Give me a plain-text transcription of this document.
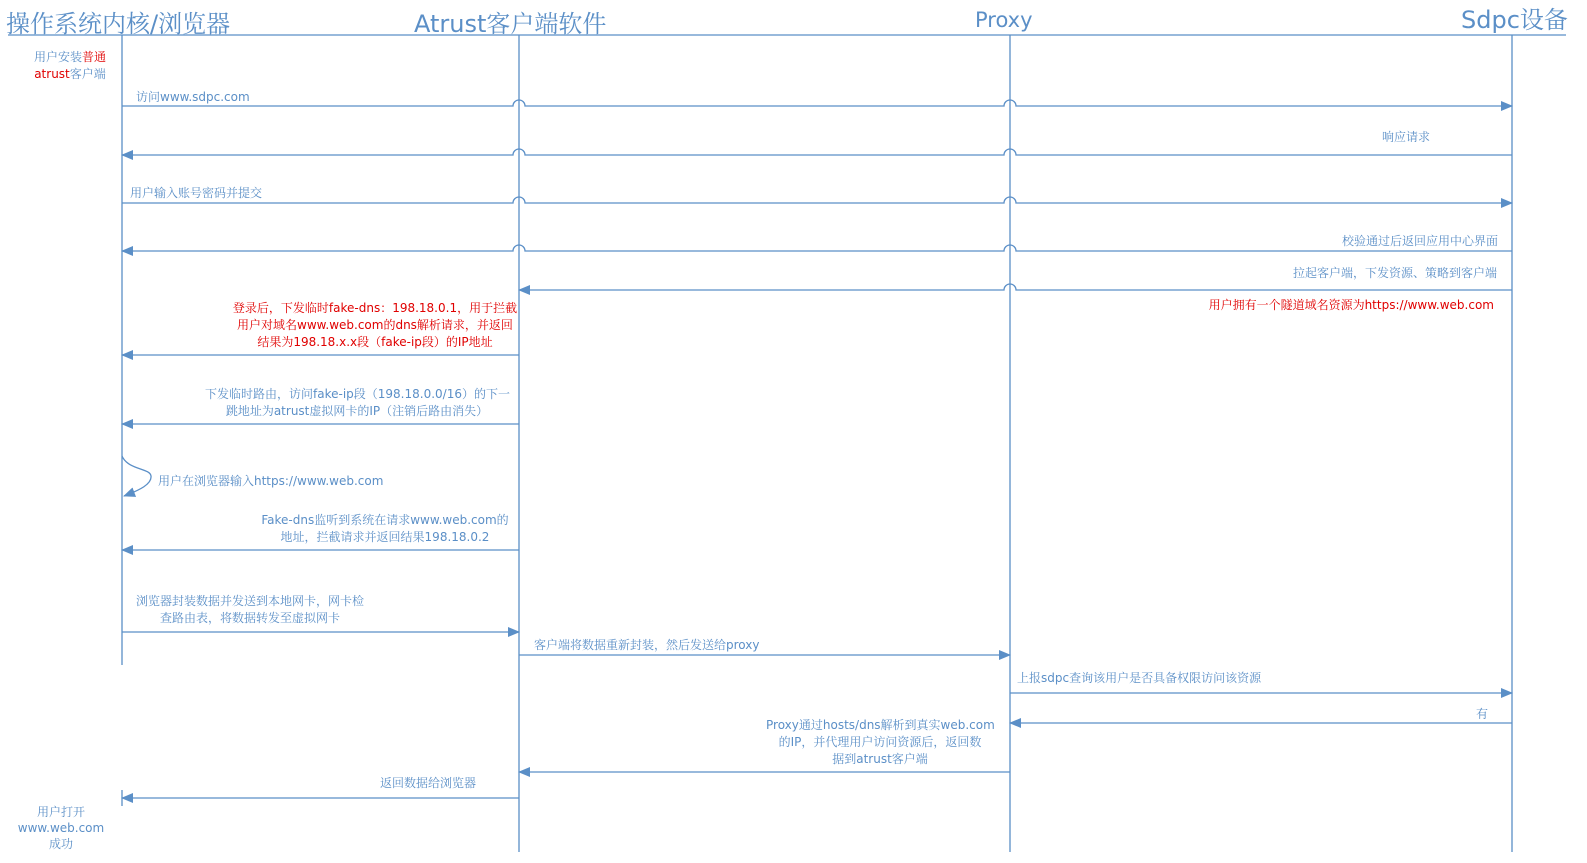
操作系统内核/浏览器	Atrust客户端软件	Proxy	Sdpc设备
用户安装普通
atrust客户端
用户打开
www.web.com
成功
访问www.sdpc.com
响应请求
用户输入账号密码并提交
校验通过后返回应用中心界面
拉起客户端，下发资源、策略到客户端
用户拥有一个隧道域名资源为https://www.web.com
登录后，下发临时fake-dns：198.18.0.1，用于拦截
用户对域名www.web.com的dns解析请求，并返回
结果为198.18.x.x段（fake-ip段）的IP地址
下发临时路由，访问fake-ip段（198.18.0.0/16）的下一
跳地址为atrust虚拟网卡的IP（注销后路由消失）
用户在浏览器输入https://www.web.com
Fake-dns监听到系统在请求www.web.com的
地址，拦截请求并返回结果198.18.0.2
浏览器封装数据并发送到本地网卡，网卡检
查路由表，将数据转发至虚拟网卡
客户端将数据重新封装，然后发送给proxy
上报sdpc查询该用户是否具备权限访问该资源
有
Proxy通过hosts/dns解析到真实web.com
的IP，并代理用户访问资源后，返回数
据到atrust客户端
返回数据给浏览器
